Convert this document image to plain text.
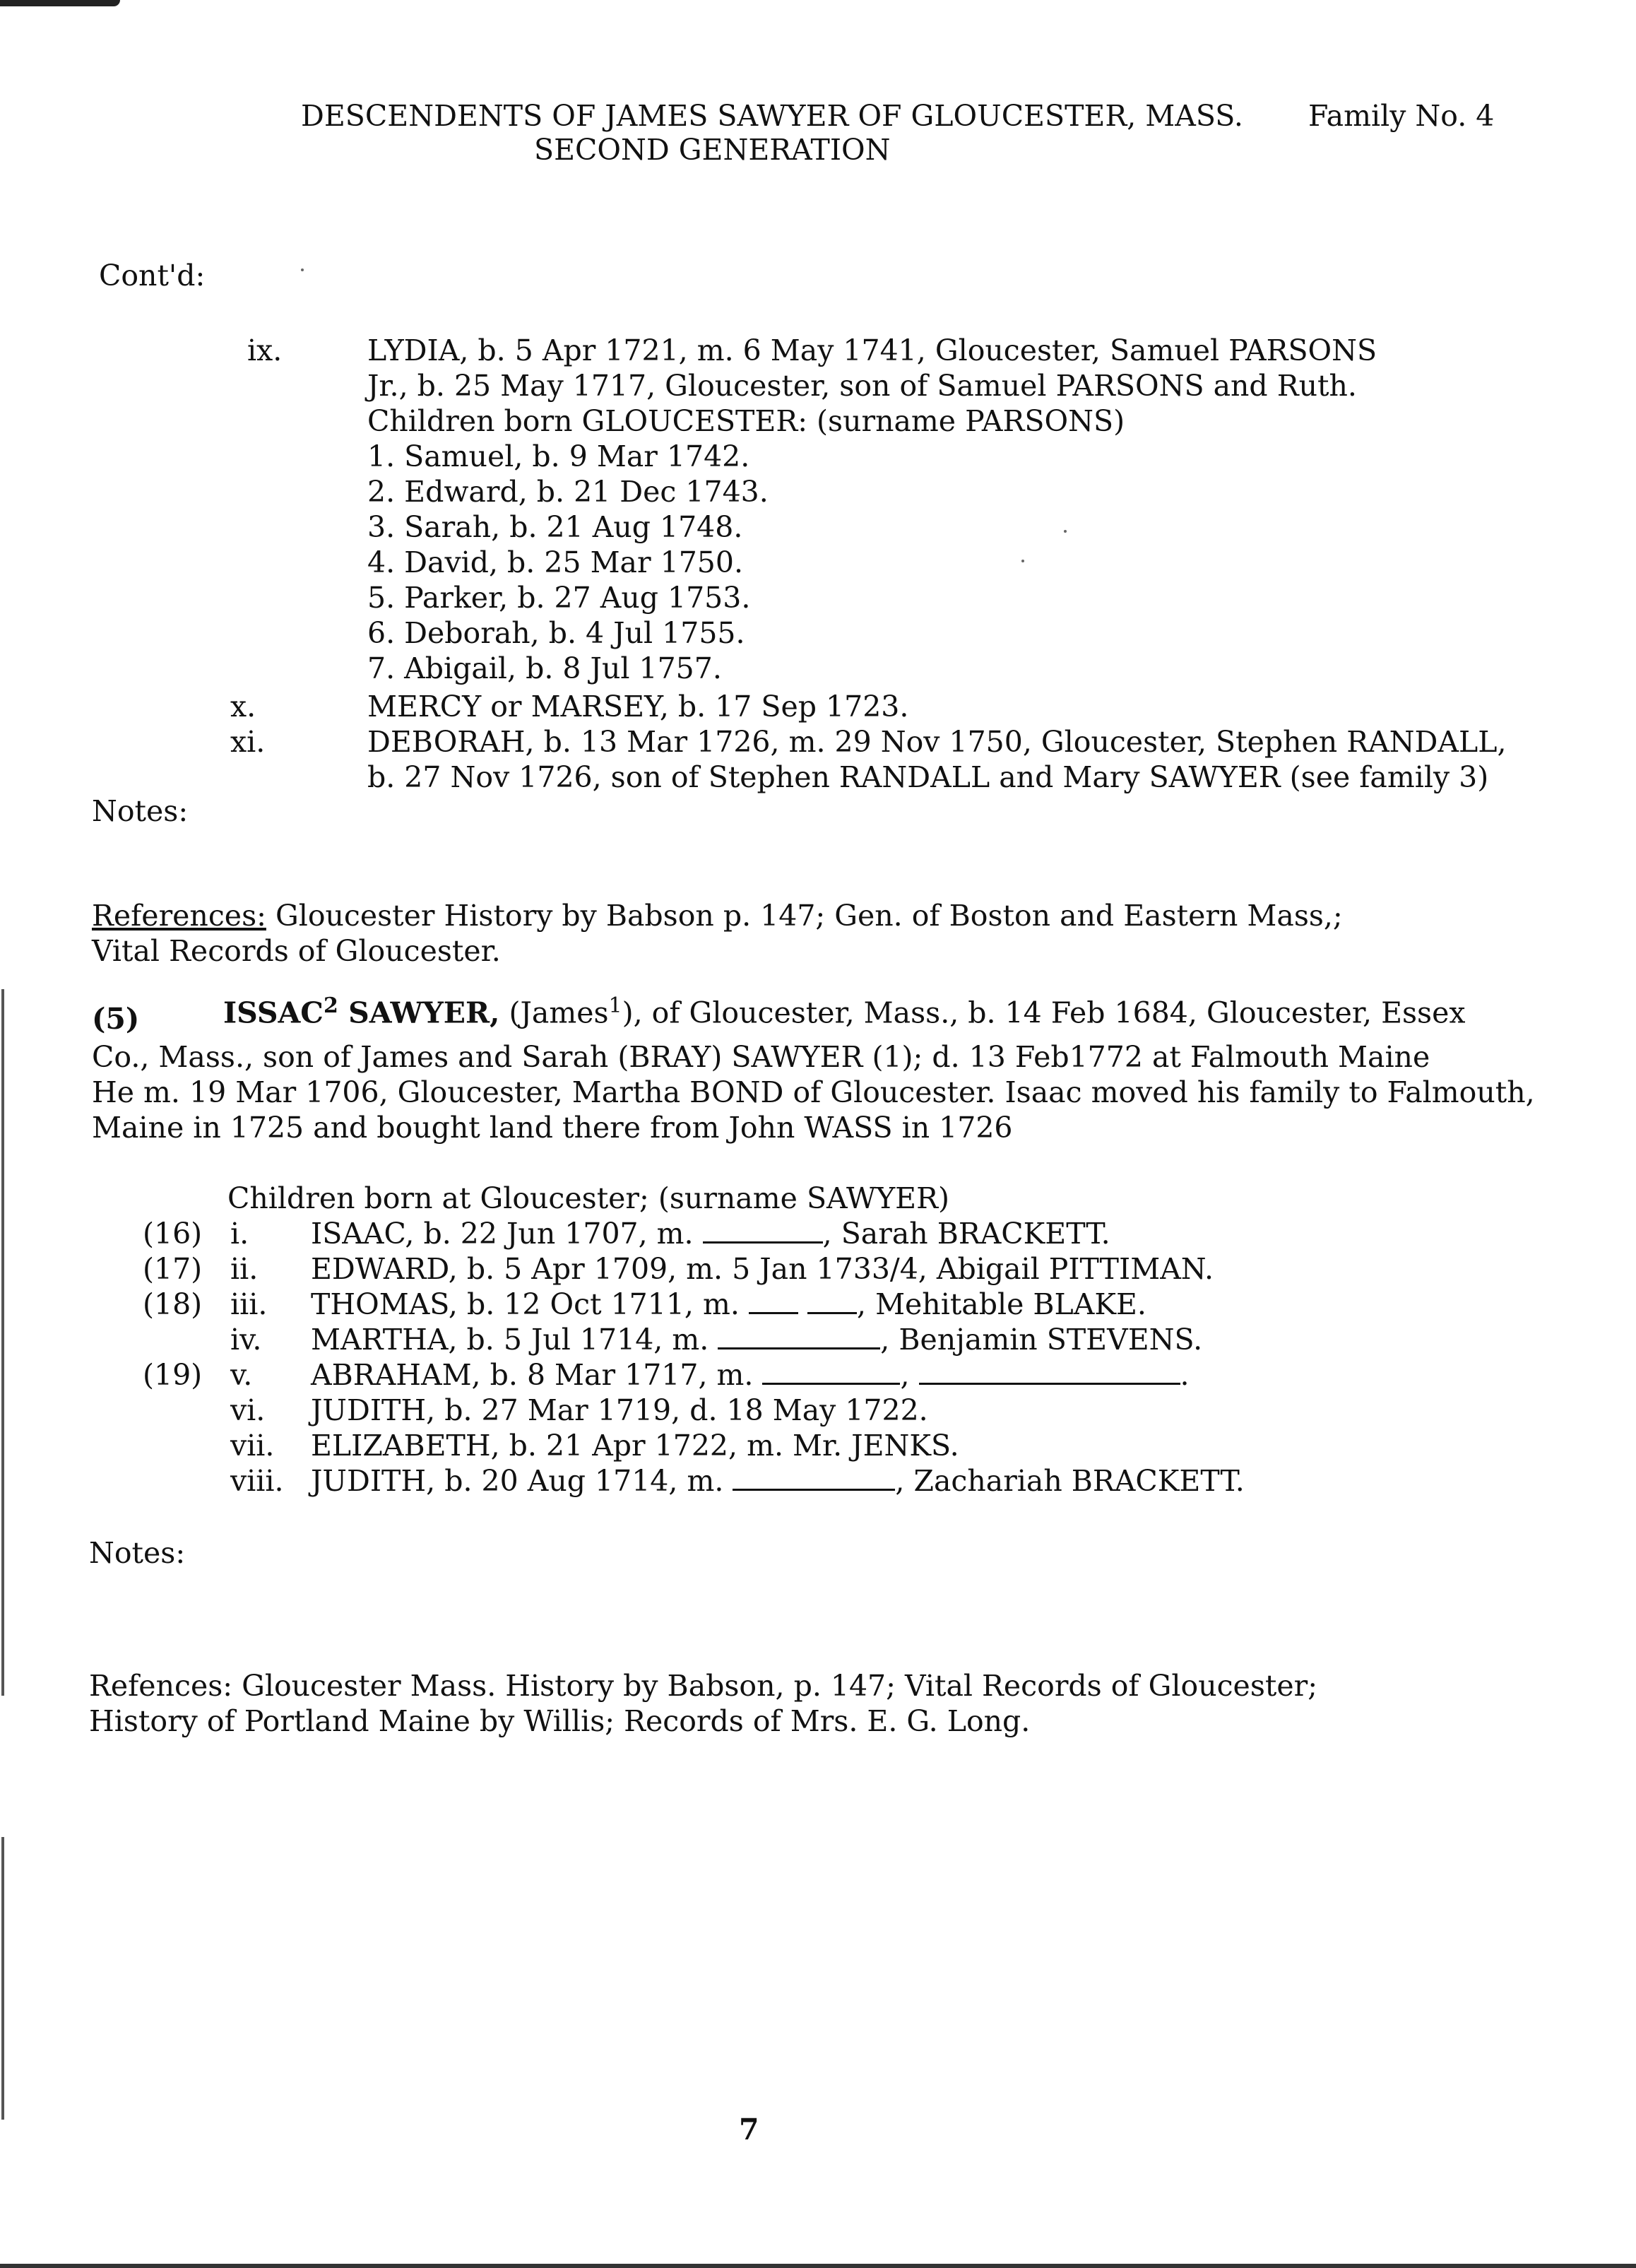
DESCENDENTS OF JAMES SAWYER OF GLOUCESTER, MASS. Family No. 4
SECOND GENERATION
Cont'd:
ix.	LYDIA, b. 5 Apr 1721, m. 6 May 1741, Gloucester, Samuel PARSONS
Jr., b. 25 May 1717, Gloucester, son of Samuel PARSONS and Ruth.
Children born GLOUCESTER: (surname PARSONS)
1. Samuel, b. 9 Mar 1742.
2. Edward, b. 21 Dec 1743.
3. Sarah, b. 21 Aug 1748.
4. David, b. 25 Mar 1750.
5. Parker, b. 27 Aug 1753.
6. Deborah, b. 4 Jul 1755.
7. Abigail, b. 8 Jul 1757.
x.	MERCY or MARSEY, b. 17 Sep 1723.
xi.	DEBORAH, b. 13 Mar 1726, m. 29 Nov 1750, Gloucester, Stephen RANDALL,
b. 27 Nov 1726, son of Stephen RANDALL and Mary SAWYER (see family 3)
Notes:
References: Gloucester History by Babson p. 147; Gen. of Boston and Eastern Mass,;
Vital Records of Gloucester.
(5)	ISSAC$^2$ SAWYER, (James$^1$), of Gloucester, Mass., b. 14 Feb 1684, Gloucester, Essex
Co., Mass., son of James and Sarah (BRAY) SAWYER (1); d. 13 Feb1772 at Falmouth Maine
He m. 19 Mar 1706, Gloucester, Martha BOND of Gloucester. Isaac moved his family to Falmouth,
Maine in 1725 and bought land there from John WASS in 1726
Children born at Gloucester; (surname SAWYER)
(16) i. ISAAC, b. 22 Jun 1707, m.	, Sarah BRACKETT.
(17) ii. EDWARD, b. 5 Apr 1709, m. 5 Jan 1733/4, Abigail PITTIMAN.
(18) iii. THOMAS, b. 12 Oct 1711, m.	, Mehitable BLAKE.
iv. MARTHA, b. 5 Jul 1714, m.	, Benjamin STEVENS.
(19) v. ABRAHAM, b. 8 Mar 1717, m.	,	.
vi. JUDITH, b. 27 Mar 1719, d. 18 May 1722.
vii. ELIZABETH, b. 21 Apr 1722, m. Mr. JENKS.
viii. JUDITH, b. 20 Aug 1714, m.	, Zachariah BRACKETT.
Notes:
Refences: Gloucester Mass. History by Babson, p. 147; Vital Records of Gloucester;
History of Portland Maine by Willis; Records of Mrs. E. G. Long.
7
